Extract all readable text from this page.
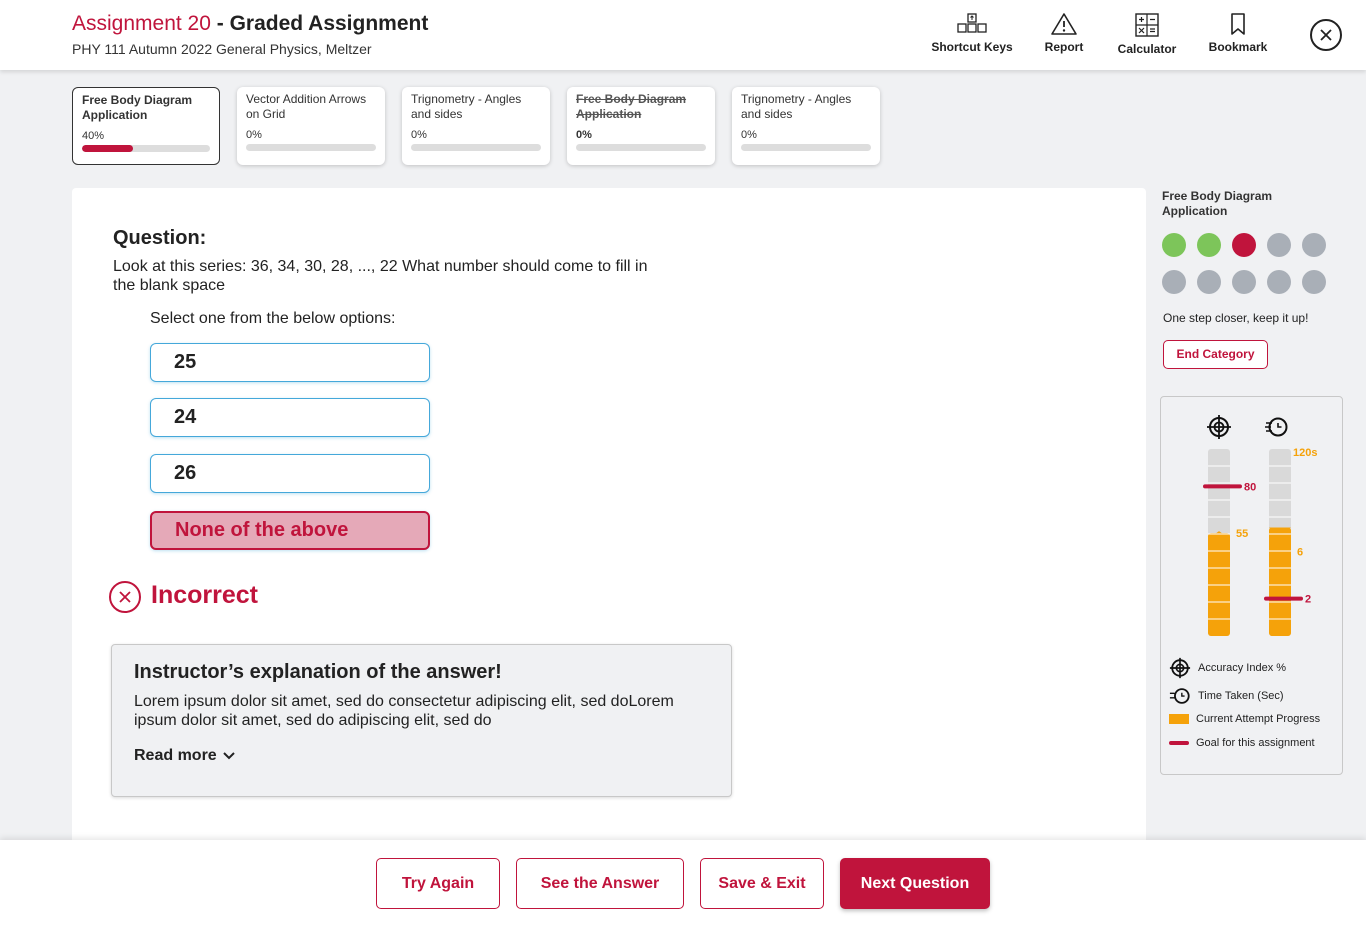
Assignment 20 - Graded Assignment
PHY 111 Autumn 2022 General Physics, Meltzer	Shortcut Keys	Report	Calculator	Bookmark
Free Body Diagram Application
40%
Vector Addition Arrows on Grid
0%
Trignometry - Angles and sides
0%
Free Body Diagram Application
0%
Trignometry - Angles and sides
0%
Question:
Look at this series: 36, 34, 30, 28, ..., 22 What number should come to fill in the blank space
Select one from the below options:
25
24
26
None of the above
Incorrect
Instructor’s explanation of the answer!
Lorem ipsum dolor sit amet, sed do consectetur adipiscing elit, sed doLorem ipsum dolor sit amet, sed do adipiscing elit, sed do
Read more
Free Body Diagram Application
One step closer, keep it up!
End Category
80
55
2
6
120s
Accuracy Index %
Time Taken (Sec)
Current Attempt Progress
Goal for this assignment
Try Again	See the Answer	Save & Exit	Next Question
